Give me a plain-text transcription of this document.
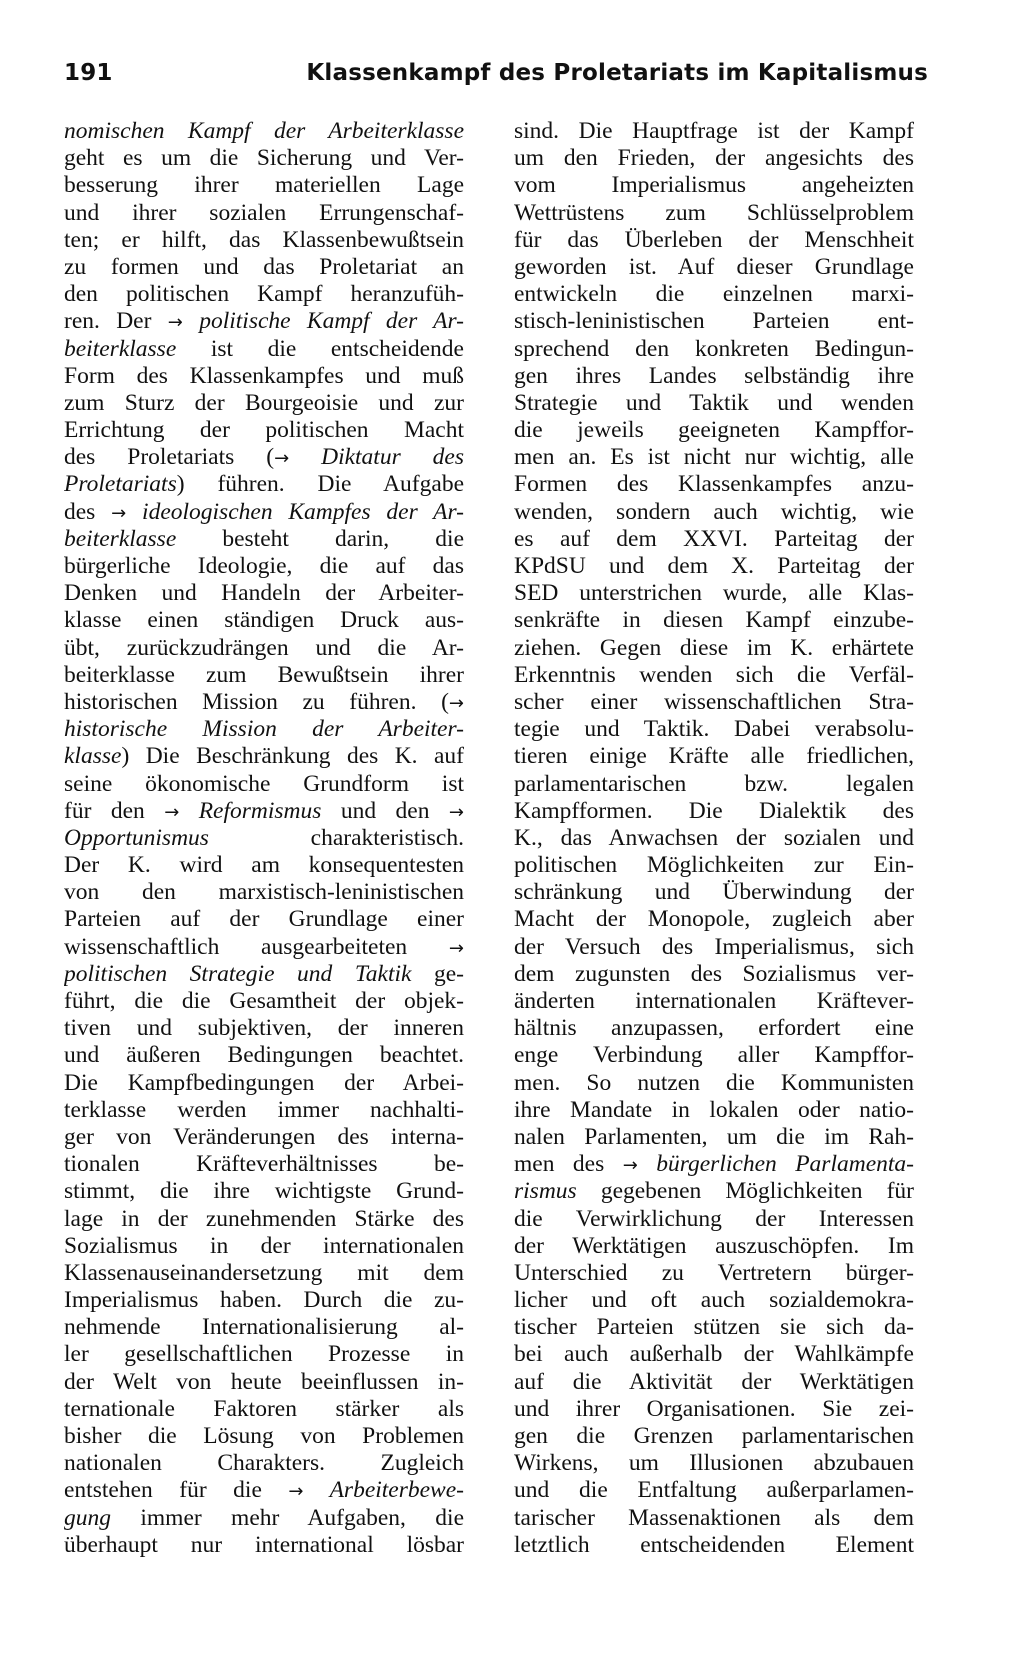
191	Klassenkampf des Proletariats im Kapitalismus
nomischen Kampf der Arbeiterklasse
geht es um die Sicherung und Ver-
besserung ihrer materiellen Lage
und ihrer sozialen Errungenschaf-
ten; er hilft, das Klassenbewußtsein
zu formen und das Proletariat an
den politischen Kampf heranzufüh-
ren. Der → politische Kampf der Ar-
beiterklasse ist die entscheidende
Form des Klassenkampfes und muß
zum Sturz der Bourgeoisie und zur
Errichtung der politischen Macht
des Proletariats (→ Diktatur des
Proletariats) führen. Die Aufgabe
des → ideologischen Kampfes der Ar-
beiterklasse besteht darin, die
bürgerliche Ideologie, die auf das
Denken und Handeln der Arbeiter-
klasse einen ständigen Druck aus-
übt, zurückzudrängen und die Ar-
beiterklasse zum Bewußtsein ihrer
historischen Mission zu führen. (→
historische Mission der Arbeiter-
klasse) Die Beschränkung des K. auf
seine ökonomische Grundform ist
für den → Reformismus und den →
Opportunismus charakteristisch.
Der K. wird am konsequentesten
von den marxistisch-leninistischen
Parteien auf der Grundlage einer
wissenschaftlich ausgearbeiteten →
politischen Strategie und Taktik ge-
führt, die die Gesamtheit der objek-
tiven und subjektiven, der inneren
und äußeren Bedingungen beachtet.
Die Kampfbedingungen der Arbei-
terklasse werden immer nachhalti-
ger von Veränderungen des interna-
tionalen Kräfteverhältnisses be-
stimmt, die ihre wichtigste Grund-
lage in der zunehmenden Stärke des
Sozialismus in der internationalen
Klassenauseinandersetzung mit dem
Imperialismus haben. Durch die zu-
nehmende Internationalisierung al-
ler gesellschaftlichen Prozesse in
der Welt von heute beeinflussen in-
ternationale Faktoren stärker als
bisher die Lösung von Problemen
nationalen Charakters. Zugleich
entstehen für die → Arbeiterbewe-
gung immer mehr Aufgaben, die
überhaupt nur international lösbar
sind. Die Hauptfrage ist der Kampf
um den Frieden, der angesichts des
vom Imperialismus angeheizten
Wettrüstens zum Schlüsselproblem
für das Überleben der Menschheit
geworden ist. Auf dieser Grundlage
entwickeln die einzelnen marxi-
stisch-leninistischen Parteien ent-
sprechend den konkreten Bedingun-
gen ihres Landes selbständig ihre
Strategie und Taktik und wenden
die jeweils geeigneten Kampffor-
men an. Es ist nicht nur wichtig, alle
Formen des Klassenkampfes anzu-
wenden, sondern auch wichtig, wie
es auf dem XXVI. Parteitag der
KPdSU und dem X. Parteitag der
SED unterstrichen wurde, alle Klas-
senkräfte in diesen Kampf einzube-
ziehen. Gegen diese im K. erhärtete
Erkenntnis wenden sich die Verfäl-
scher einer wissenschaftlichen Stra-
tegie und Taktik. Dabei verabsolu-
tieren einige Kräfte alle friedlichen,
parlamentarischen bzw. legalen
Kampfformen. Die Dialektik des
K., das Anwachsen der sozialen und
politischen Möglichkeiten zur Ein-
schränkung und Überwindung der
Macht der Monopole, zugleich aber
der Versuch des Imperialismus, sich
dem zugunsten des Sozialismus ver-
änderten internationalen Kräftever-
hältnis anzupassen, erfordert eine
enge Verbindung aller Kampffor-
men. So nutzen die Kommunisten
ihre Mandate in lokalen oder natio-
nalen Parlamenten, um die im Rah-
men des → bürgerlichen Parlamenta-
rismus gegebenen Möglichkeiten für
die Verwirklichung der Interessen
der Werktätigen auszuschöpfen. Im
Unterschied zu Vertretern bürger-
licher und oft auch sozialdemokra-
tischer Parteien stützen sie sich da-
bei auch außerhalb der Wahlkämpfe
auf die Aktivität der Werktätigen
und ihrer Organisationen. Sie zei-
gen die Grenzen parlamentarischen
Wirkens, um Illusionen abzubauen
und die Entfaltung außerparlamen-
tarischer Massenaktionen als dem
letztlich entscheidenden Element
